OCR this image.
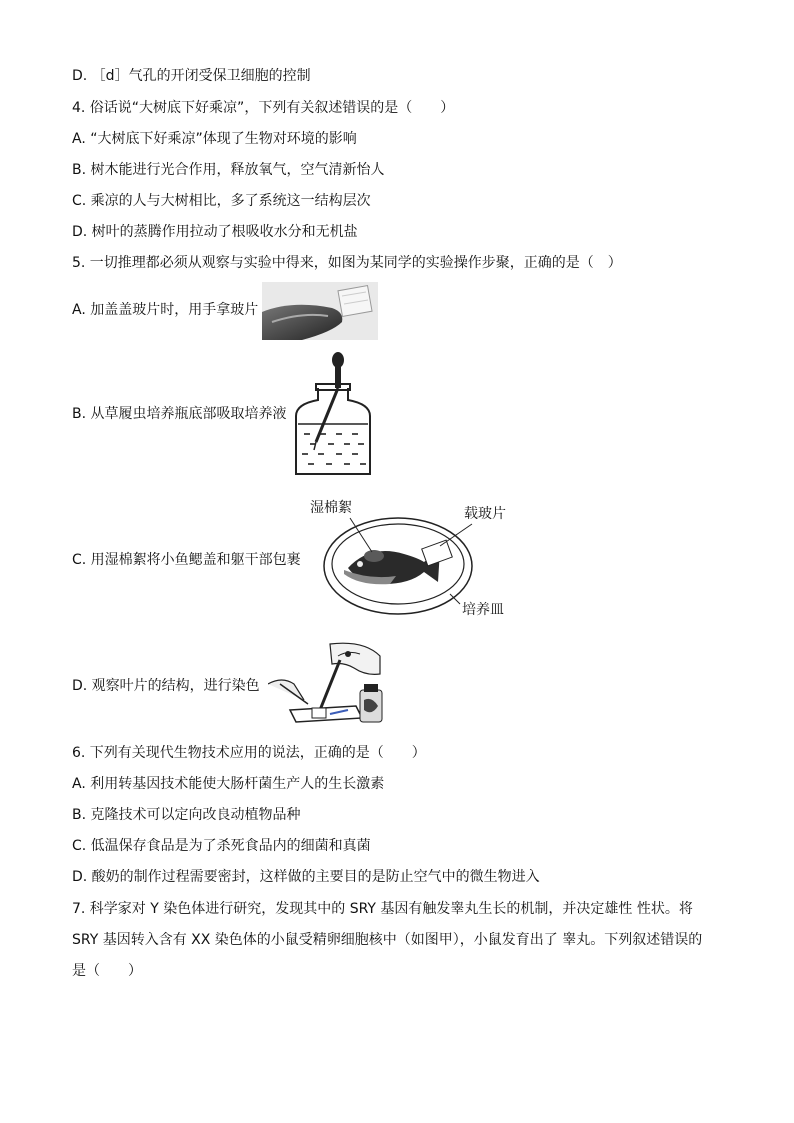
D. ［d］气孔的开闭受保卫细胞的控制
4. 俗话说“大树底下好乘凉”，下列有关叙述错误的是（　　）
A. “大树底下好乘凉”体现了生物对环境的影响
B. 树木能进行光合作用，释放氧气，空气清新怡人
C. 乘凉的人与大树相比，多了系统这一结构层次
D. 树叶的蒸腾作用拉动了根吸收水分和无机盐
5. 一切推理都必须从观察与实验中得来，如图为某同学的实验操作步聚，正确的是（　）
A. 加盖盖玻片时，用手拿玻片
B. 从草履虫培养瓶底部吸取培养液
C. 用湿棉絮将小鱼鳃盖和躯干部包裹
湿棉絮	载玻片
培养皿
D. 观察叶片的结构，进行染色
6. 下列有关现代生物技术应用的说法，正确的是（　　）
A. 利用转基因技术能使大肠杆菌生产人的生长激素
B. 克隆技术可以定向改良动植物品种
C. 低温保存食品是为了杀死食品内的细菌和真菌
D. 酸奶的制作过程需要密封，这样做的主要目的是防止空气中的微生物进入
7. 科学家对 Y 染色体进行研究，发现其中的 SRY 基因有触发睾丸生长的机制，并决定雄性 性状。将
SRY 基因转入含有 XX 染色体的小鼠受精卵细胞核中（如图甲），小鼠发育出了 睾丸。下列叙述错误的
是（　　）
